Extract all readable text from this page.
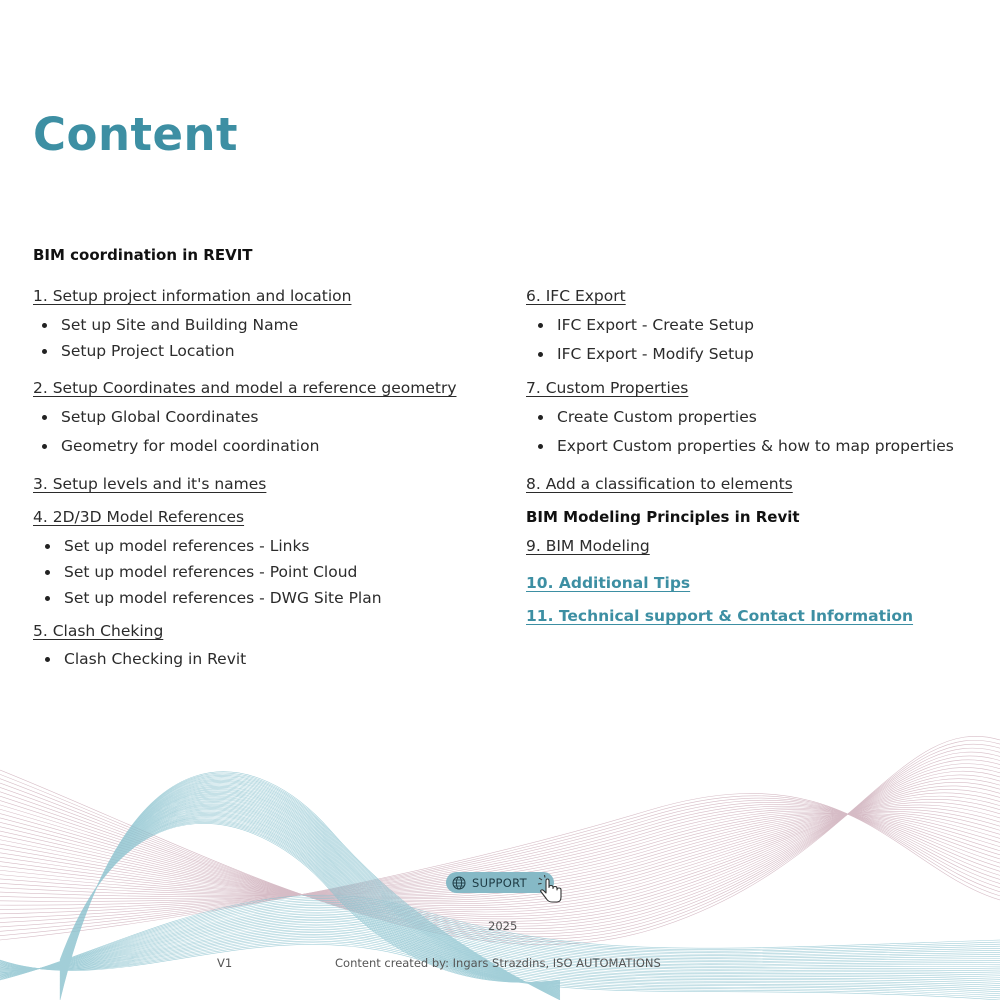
Content
BIM coordination in REVIT
1. Setup project information and location
Set up Site and Building Name
Setup Project Location
2. Setup Coordinates and model a reference geometry
Setup Global Coordinates
Geometry for model coordination
3. Setup levels and it's names
4. 2D/3D Model References
Set up model references - Links
Set up model references - Point Cloud
Set up model references - DWG Site Plan
5. Clash Cheking
Clash Checking in Revit
6. IFC Export
IFC Export - Create Setup
IFC Export - Modify Setup
7. Custom Properties
Create Custom properties
Export Custom properties & how to map properties
8. Add a classification to elements
BIM Modeling Principles in Revit
9. BIM Modeling
10. Additional Tips
11. Technical support & Contact Information
SUPPORT
2025
V1	Content created by: Ingars Strazdins, ISO AUTOMATIONS
